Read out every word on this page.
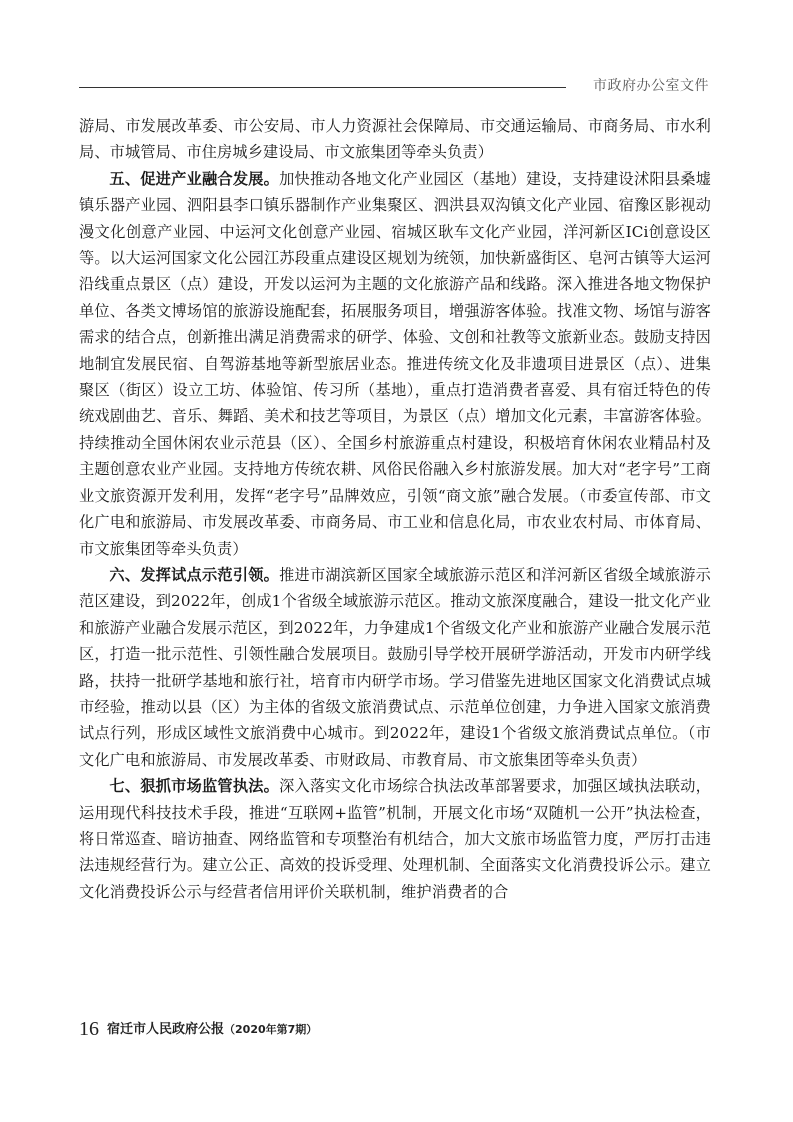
市政府办公室文件

游局、市发展改革委、市公安局、市人力资源社会保障局、市交通运输局、市商务局、市水利局、市城管局、市住房城乡建设局、市文旅集团等牵头负责）

五、促进产业融合发展。加快推动各地文化产业园区（基地）建设，支持建设沭阳县桑墟镇乐器产业园、泗阳县李口镇乐器制作产业集聚区、泗洪县双沟镇文化产业园、宿豫区影视动漫文化创意产业园、中运河文化创意产业园、宿城区耿车文化产业园，洋河新区ICi创意设区等。以大运河国家文化公园江苏段重点建设区规划为统领，加快新盛街区、皂河古镇等大运河沿线重点景区（点）建设，开发以运河为主题的文化旅游产品和线路。深入推进各地文物保护单位、各类文博场馆的旅游设施配套，拓展服务项目，增强游客体验。找准文物、场馆与游客需求的结合点，创新推出满足消费需求的研学、体验、文创和社教等文旅新业态。鼓励支持因地制宜发展民宿、自驾游基地等新型旅居业态。推进传统文化及非遗项目进景区（点）、进集聚区（街区）设立工坊、体验馆、传习所（基地），重点打造消费者喜爱、具有宿迁特色的传统戏剧曲艺、音乐、舞蹈、美术和技艺等项目，为景区（点）增加文化元素，丰富游客体验。持续推动全国休闲农业示范县（区）、全国乡村旅游重点村建设，积极培育休闲农业精品村及主题创意农业产业园。支持地方传统农耕、风俗民俗融入乡村旅游发展。加大对“老字号”工商业文旅资源开发利用，发挥“老字号”品牌效应，引领“商文旅”融合发展。（市委宣传部、市文化广电和旅游局、市发展改革委、市商务局、市工业和信息化局，市农业农村局、市体育局、市文旅集团等牵头负责）

六、发挥试点示范引领。推进市湖滨新区国家全域旅游示范区和洋河新区省级全域旅游示范区建设，到2022年，创成1个省级全域旅游示范区。推动文旅深度融合，建设一批文化产业和旅游产业融合发展示范区，到2022年，力争建成1个省级文化产业和旅游产业融合发展示范区，打造一批示范性、引领性融合发展项目。鼓励引导学校开展研学游活动，开发市内研学线路，扶持一批研学基地和旅行社，培育市内研学市场。学习借鉴先进地区国家文化消费试点城市经验，推动以县（区）为主体的省级文旅消费试点、示范单位创建，力争进入国家文旅消费试点行列，形成区域性文旅消费中心城市。到2022年，建设1个省级文旅消费试点单位。（市文化广电和旅游局、市发展改革委、市财政局、市教育局、市文旅集团等牵头负责）

七、狠抓市场监管执法。深入落实文化市场综合执法改革部署要求，加强区域执法联动，运用现代科技技术手段，推进“互联网+监管”机制，开展文化市场“双随机一公开”执法检查，将日常巡查、暗访抽查、网络监管和专项整治有机结合，加大文旅市场监管力度，严厉打击违法违规经营行为。建立公正、高效的投诉受理、处理机制、全面落实文化消费投诉公示。建立文化消费投诉公示与经营者信用评价关联机制，维护消费者的合

16 宿迁市人民政府公报（2020年第7期）
